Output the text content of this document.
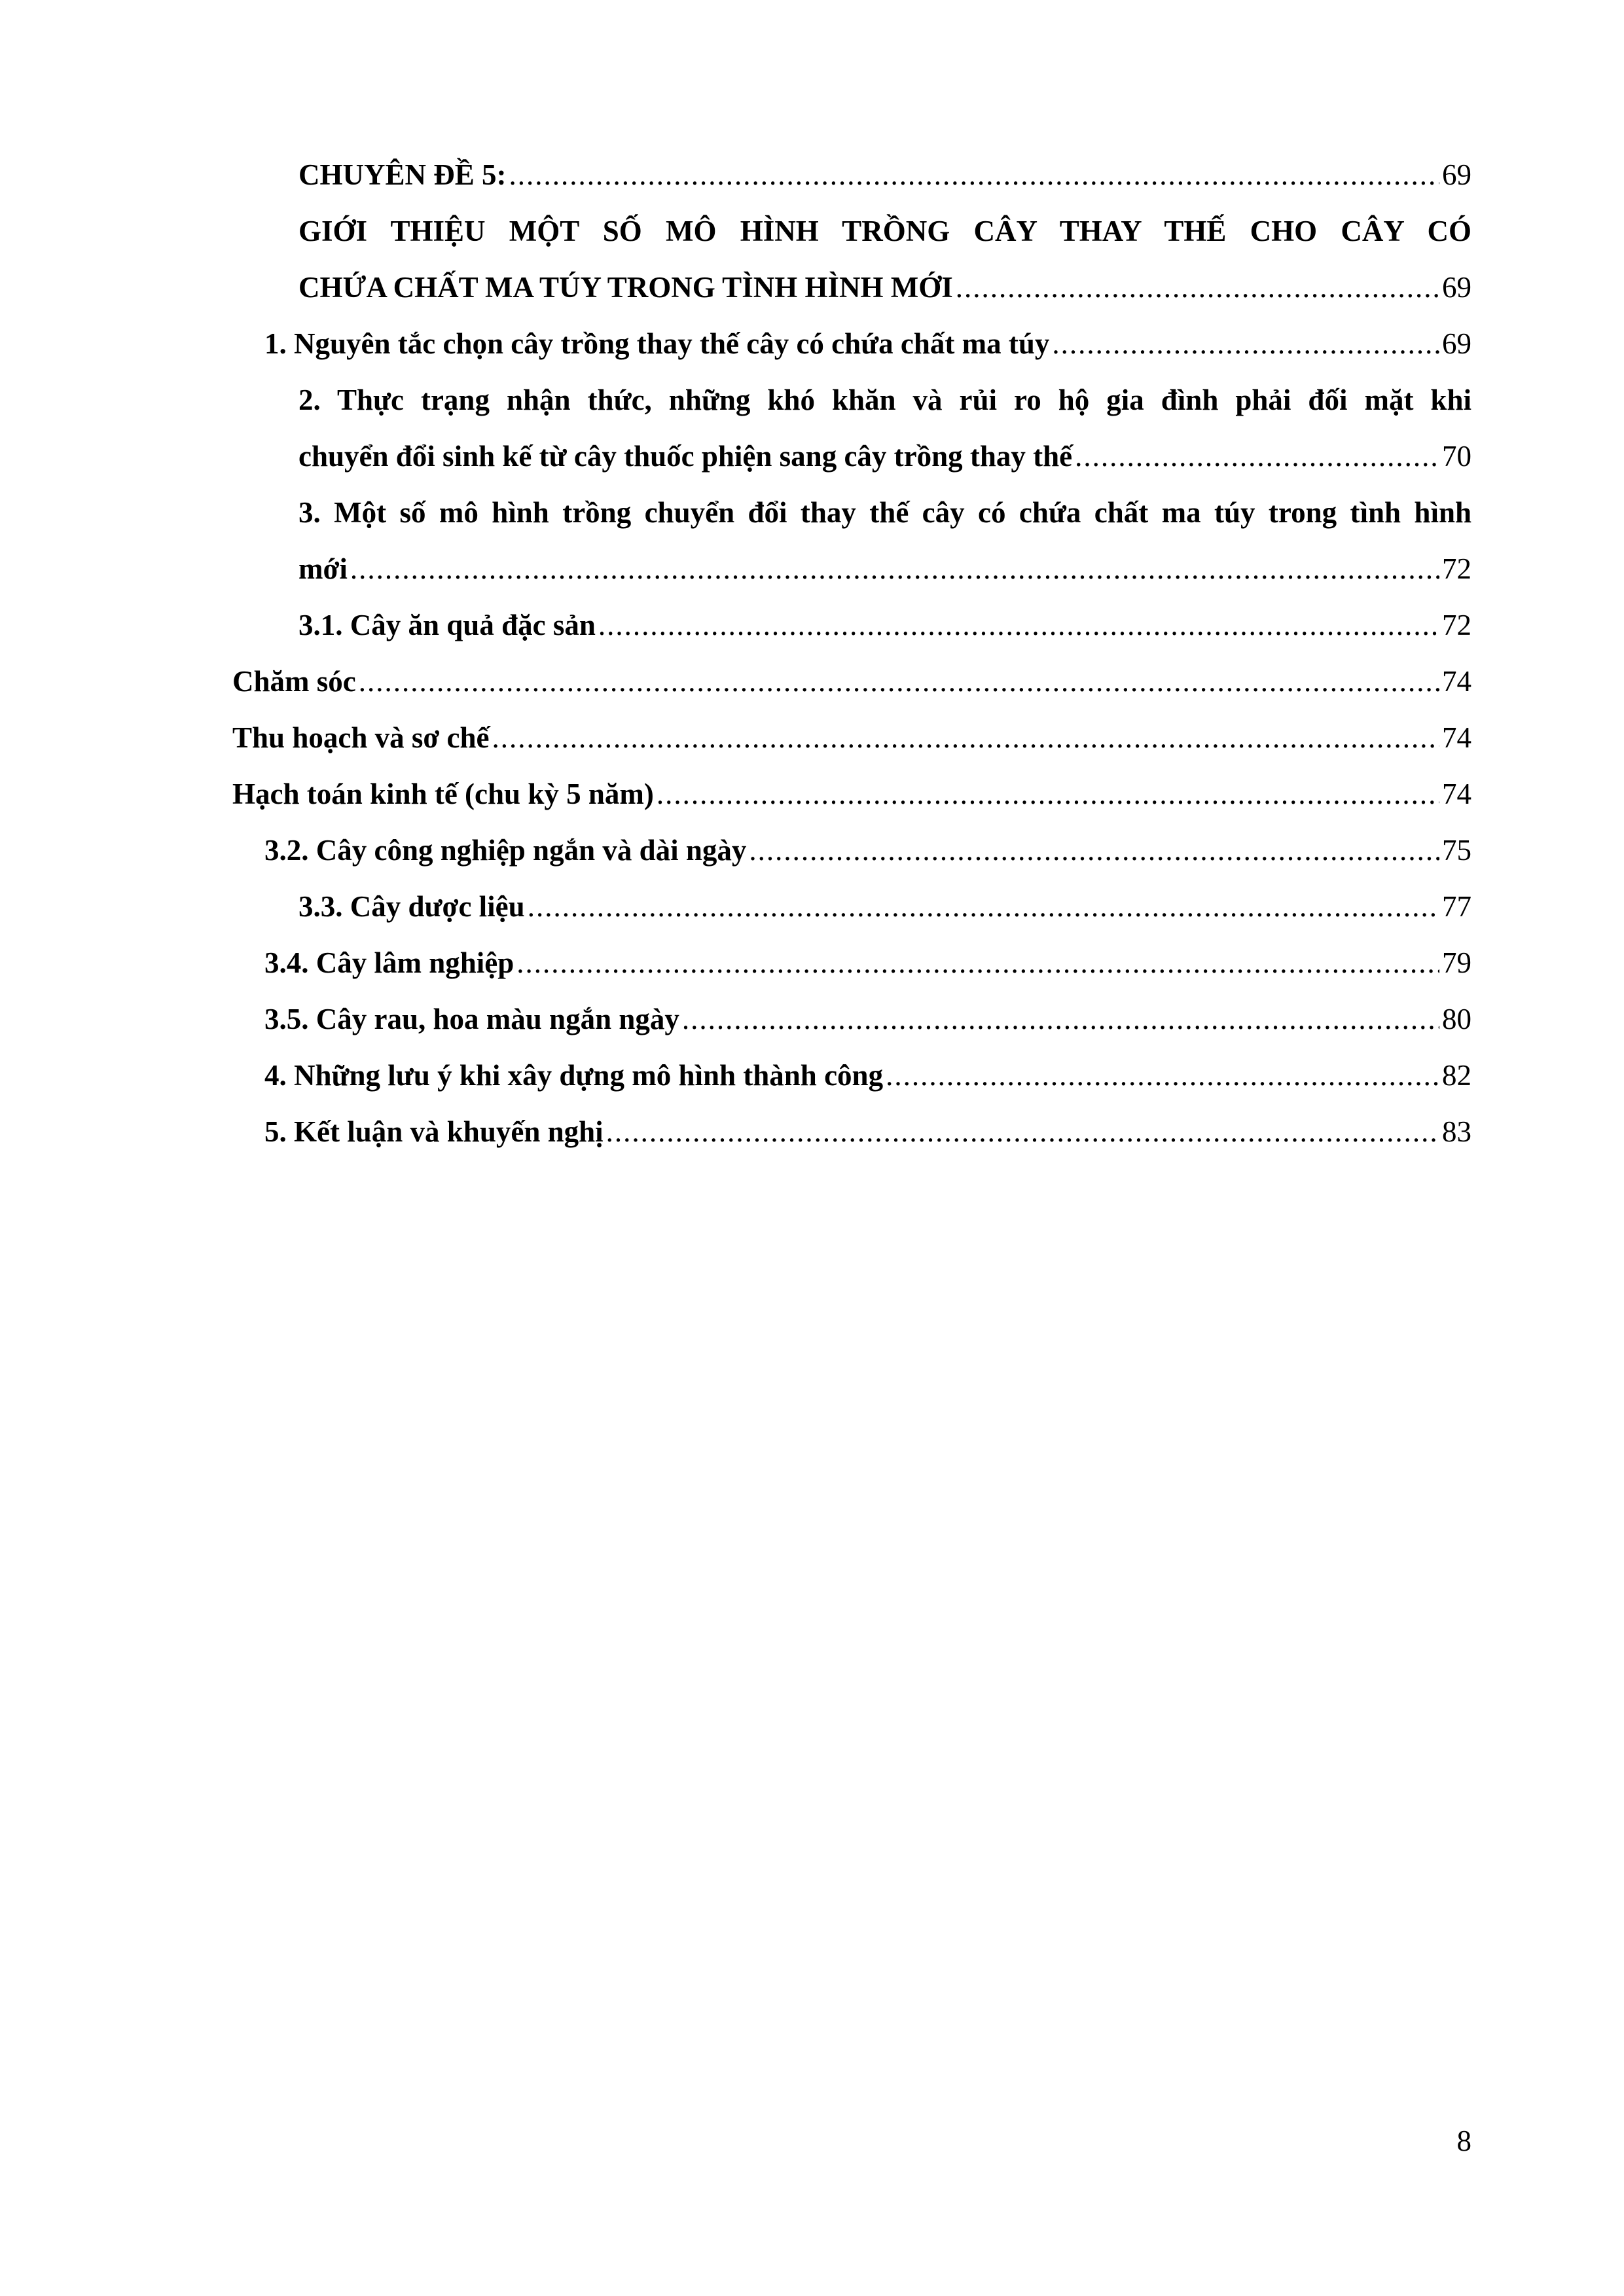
CHUYÊN ĐỀ 5: .....	69
GIỚI THIỆU MỘT SỐ MÔ HÌNH TRỒNG CÂY THAY THẾ CHO CÂY CÓ
CHỨA CHẤT MA TÚY TRONG TÌNH HÌNH MỚI .....	69
1. Nguyên tắc chọn cây trồng thay thế cây có chứa chất ma túy .....	69
2. Thực trạng nhận thức, những khó khăn và rủi ro hộ gia đình phải đối mặt khi
chuyển đổi sinh kế từ cây thuốc phiện sang cây trồng thay thế .....	70
3. Một số mô hình trồng chuyển đổi thay thế cây có chứa chất ma túy trong tình hình
mới .....	72
3.1. Cây ăn quả đặc sản .....	72
Chăm sóc .....	74
Thu hoạch và sơ chế .....	74
Hạch toán kinh tế (chu kỳ 5 năm) .....	74
3.2. Cây công nghiệp ngắn và dài ngày .....	75
3.3. Cây dược liệu .....	77
3.4. Cây lâm nghiệp .....	79
3.5. Cây rau, hoa màu ngắn ngày .....	80
4. Những lưu ý khi xây dựng mô hình thành công .....	82
5. Kết luận và khuyến nghị .....	83
8
